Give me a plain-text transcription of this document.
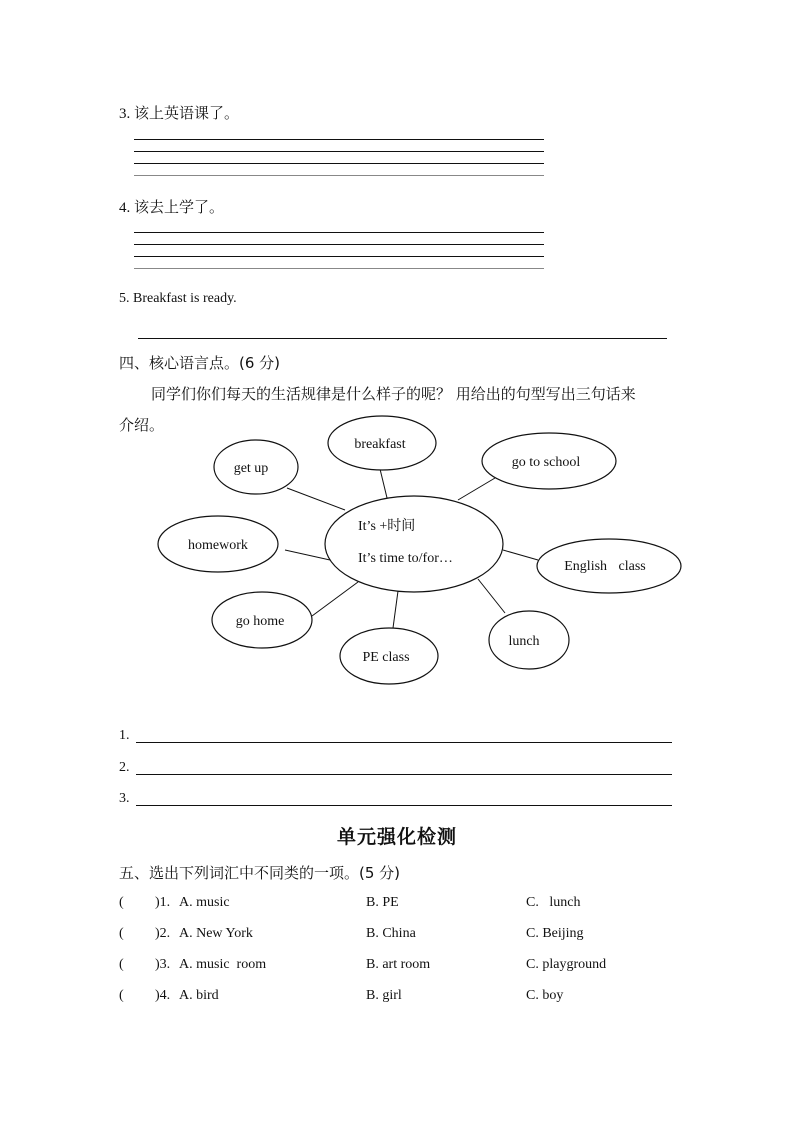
3. 该上英语课了。
4. 该去上学了。
5. Breakfast is ready.
四、核心语言点。(6 分)
同学们你们每天的生活规律是什么样子的呢？ 用给出的句型写出三句话来
介绍。
It’s +时间
It’s time to/for…
breakfast
get up	go to school
homework
English class
go home
PE class
lunch
1.
2.
3.
单元强化检测
五、选出下列词汇中不同类的一项。(5 分)
( )1. A. music	B. PE	C.   lunch
( )2. A. New York	B. China	C. Beijing
( )3. A. music  room	B. art room	C. playground
( )4. A. bird	B. girl	C. boy
